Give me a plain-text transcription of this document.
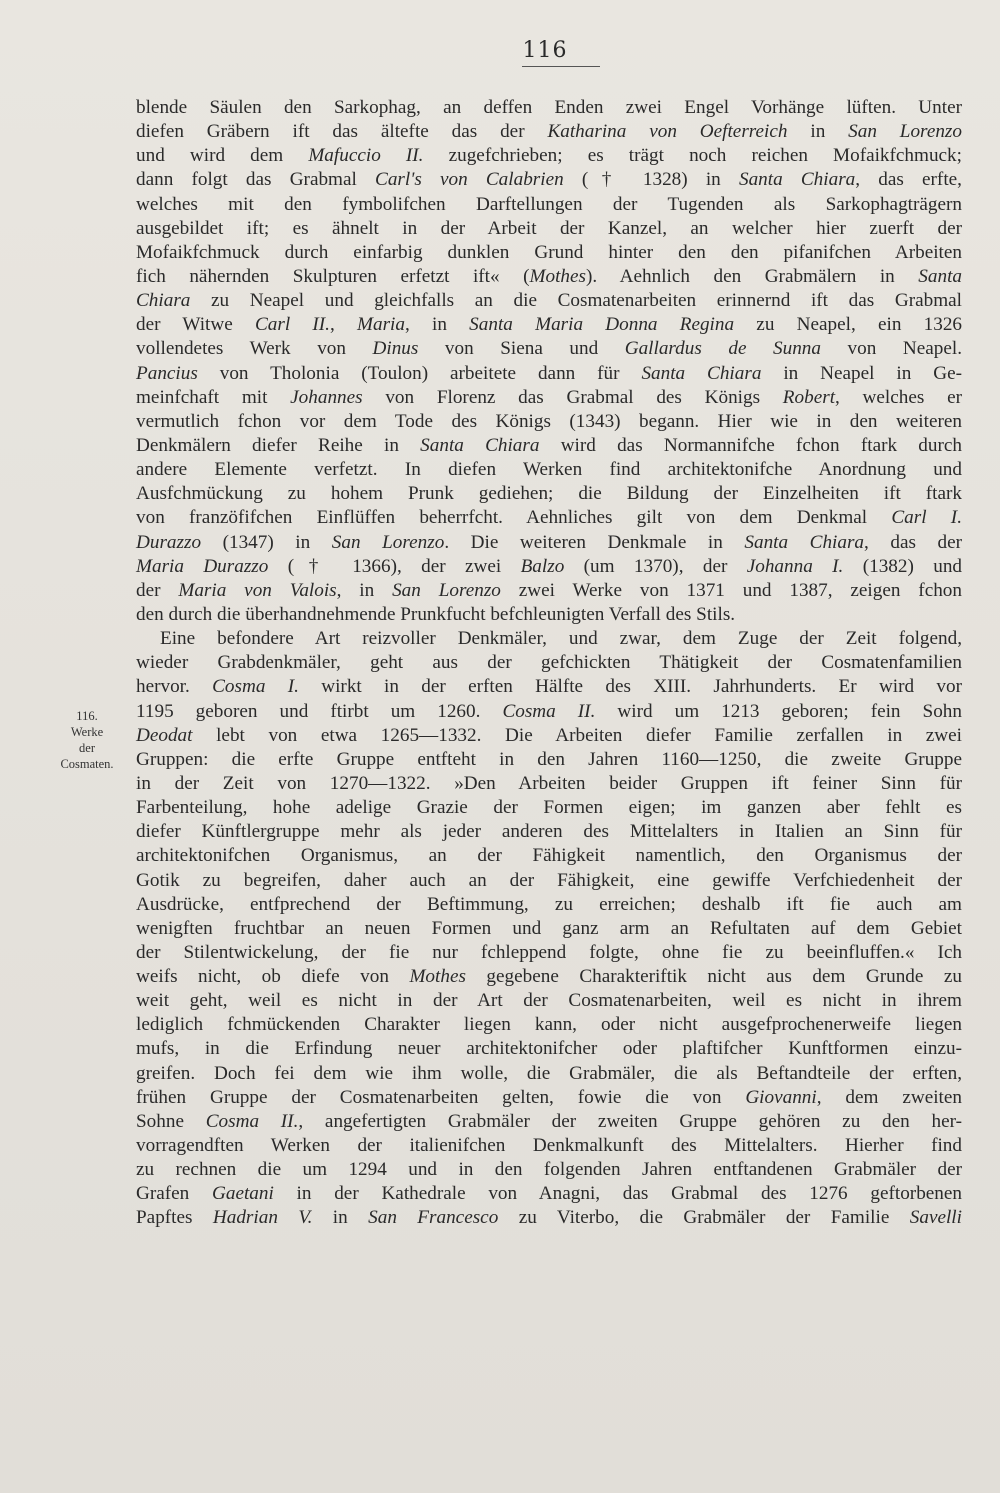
116
116.
Werke
der
Cosmaten.
blende Säulen den Sarkophag, an deffen Enden zwei Engel Vorhänge lüften. Unter
diefen Gräbern ift das ältefte das der Katharina von Oefterreich in San Lorenzo
und wird dem Mafuccio II. zugefchrieben; es trägt noch reichen Mofaikfchmuck;
dann folgt das Grabmal Carl's von Calabrien († 1328) in Santa Chiara, das erfte,
welches mit den fymbolifchen Darftellungen der Tugenden als Sarkophagträgern
ausgebildet ift; es ähnelt in der Arbeit der Kanzel, an welcher hier zuerft der
Mofaikfchmuck durch einfarbig dunklen Grund hinter den den pifanifchen Arbeiten
fich nähernden Skulpturen erfetzt ift« (Mothes). Aehnlich den Grabmälern in Santa
Chiara zu Neapel und gleichfalls an die Cosmatenarbeiten erinnernd ift das Grabmal
der Witwe Carl II., Maria, in Santa Maria Donna Regina zu Neapel, ein 1326
vollendetes Werk von Dinus von Siena und Gallardus de Sunna von Neapel.
Pancius von Tholonia (Toulon) arbeitete dann für Santa Chiara in Neapel in Ge-
meinfchaft mit Johannes von Florenz das Grabmal des Königs Robert, welches er
vermutlich fchon vor dem Tode des Königs (1343) begann. Hier wie in den weiteren
Denkmälern diefer Reihe in Santa Chiara wird das Normannifche fchon ftark durch
andere Elemente verfetzt. In diefen Werken find architektonifche Anordnung und
Ausfchmückung zu hohem Prunk gediehen; die Bildung der Einzelheiten ift ftark
von franzöfifchen Einflüffen beherrfcht. Aehnliches gilt von dem Denkmal Carl I.
Durazzo (1347) in San Lorenzo. Die weiteren Denkmale in Santa Chiara, das der
Maria Durazzo († 1366), der zwei Balzo (um 1370), der Johanna I. (1382) und
der Maria von Valois, in San Lorenzo zwei Werke von 1371 und 1387, zeigen fchon
den durch die überhandnehmende Prunkfucht befchleunigten Verfall des Stils.
Eine befondere Art reizvoller Denkmäler, und zwar, dem Zuge der Zeit folgend,
wieder Grabdenkmäler, geht aus der gefchickten Thätigkeit der Cosmatenfamilien
hervor. Cosma I. wirkt in der erften Hälfte des XIII. Jahrhunderts. Er wird vor
1195 geboren und ftirbt um 1260. Cosma II. wird um 1213 geboren; fein Sohn
Deodat lebt von etwa 1265—1332. Die Arbeiten diefer Familie zerfallen in zwei
Gruppen: die erfte Gruppe entfteht in den Jahren 1160—1250, die zweite Gruppe
in der Zeit von 1270—1322. »Den Arbeiten beider Gruppen ift feiner Sinn für
Farbenteilung, hohe adelige Grazie der Formen eigen; im ganzen aber fehlt es
diefer Künftlergruppe mehr als jeder anderen des Mittelalters in Italien an Sinn für
architektonifchen Organismus, an der Fähigkeit namentlich, den Organismus der
Gotik zu begreifen, daher auch an der Fähigkeit, eine gewiffe Verfchiedenheit der
Ausdrücke, entfprechend der Beftimmung, zu erreichen; deshalb ift fie auch am
wenigften fruchtbar an neuen Formen und ganz arm an Refultaten auf dem Gebiet
der Stilentwickelung, der fie nur fchleppend folgte, ohne fie zu beeinfluffen.« Ich
weifs nicht, ob diefe von Mothes gegebene Charakteriftik nicht aus dem Grunde zu
weit geht, weil es nicht in der Art der Cosmatenarbeiten, weil es nicht in ihrem
lediglich fchmückenden Charakter liegen kann, oder nicht ausgefprochenerweife liegen
mufs, in die Erfindung neuer architektonifcher oder plaftifcher Kunftformen einzu-
greifen. Doch fei dem wie ihm wolle, die Grabmäler, die als Beftandteile der erften,
frühen Gruppe der Cosmatenarbeiten gelten, fowie die von Giovanni, dem zweiten
Sohne Cosma II., angefertigten Grabmäler der zweiten Gruppe gehören zu den her-
vorragendften Werken der italienifchen Denkmalkunft des Mittelalters. Hierher find
zu rechnen die um 1294 und in den folgenden Jahren entftandenen Grabmäler der
Grafen Gaetani in der Kathedrale von Anagni, das Grabmal des 1276 geftorbenen
Papftes Hadrian V. in San Francesco zu Viterbo, die Grabmäler der Familie Savelli
